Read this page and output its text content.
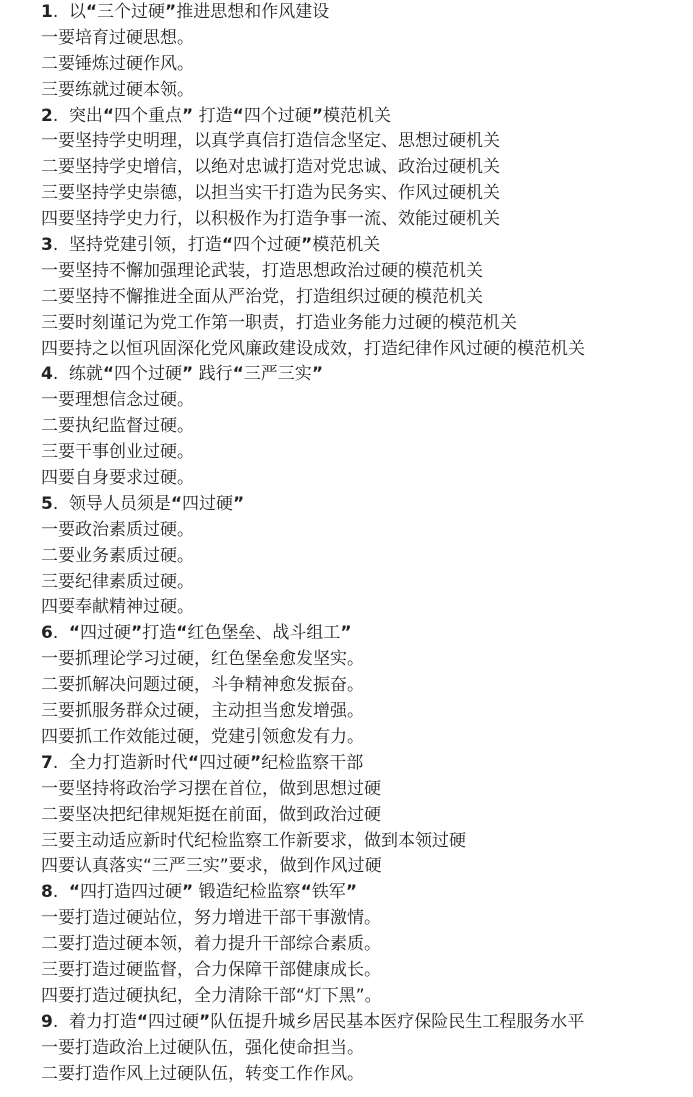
1. 以“三个过硬”推进思想和作风建设
一要培育过硬思想。
二要锤炼过硬作风。
三要练就过硬本领。
2. 突出“四个重点” 打造“四个过硬”模范机关
一要坚持学史明理，以真学真信打造信念坚定、思想过硬机关
二要坚持学史增信，以绝对忠诚打造对党忠诚、政治过硬机关
三要坚持学史崇德，以担当实干打造为民务实、作风过硬机关
四要坚持学史力行，以积极作为打造争事一流、效能过硬机关
3. 坚持党建引领，打造“四个过硬”模范机关
一要坚持不懈加强理论武装，打造思想政治过硬的模范机关
二要坚持不懈推进全面从严治党，打造组织过硬的模范机关
三要时刻谨记为党工作第一职责，打造业务能力过硬的模范机关
四要持之以恒巩固深化党风廉政建设成效，打造纪律作风过硬的模范机关
4. 练就“四个过硬” 践行“三严三实”
一要理想信念过硬。
二要执纪监督过硬。
三要干事创业过硬。
四要自身要求过硬。
5. 领导人员须是“四过硬”
一要政治素质过硬。
二要业务素质过硬。
三要纪律素质过硬。
四要奉献精神过硬。
6. “四过硬”打造“红色堡垒、战斗组工”
一要抓理论学习过硬，红色堡垒愈发坚实。
二要抓解决问题过硬，斗争精神愈发振奋。
三要抓服务群众过硬，主动担当愈发增强。
四要抓工作效能过硬，党建引领愈发有力。
7. 全力打造新时代“四过硬”纪检监察干部
一要坚持将政治学习摆在首位，做到思想过硬
二要坚决把纪律规矩挺在前面，做到政治过硬
三要主动适应新时代纪检监察工作新要求，做到本领过硬
四要认真落实“三严三实”要求，做到作风过硬
8. “四打造四过硬” 锻造纪检监察“铁军”
一要打造过硬站位，努力增进干部干事激情。
二要打造过硬本领，着力提升干部综合素质。
三要打造过硬监督，合力保障干部健康成长。
四要打造过硬执纪，全力清除干部“灯下黑”。
9. 着力打造“四过硬”队伍提升城乡居民基本医疗保险民生工程服务水平
一要打造政治上过硬队伍，强化使命担当。
二要打造作风上过硬队伍，转变工作作风。
